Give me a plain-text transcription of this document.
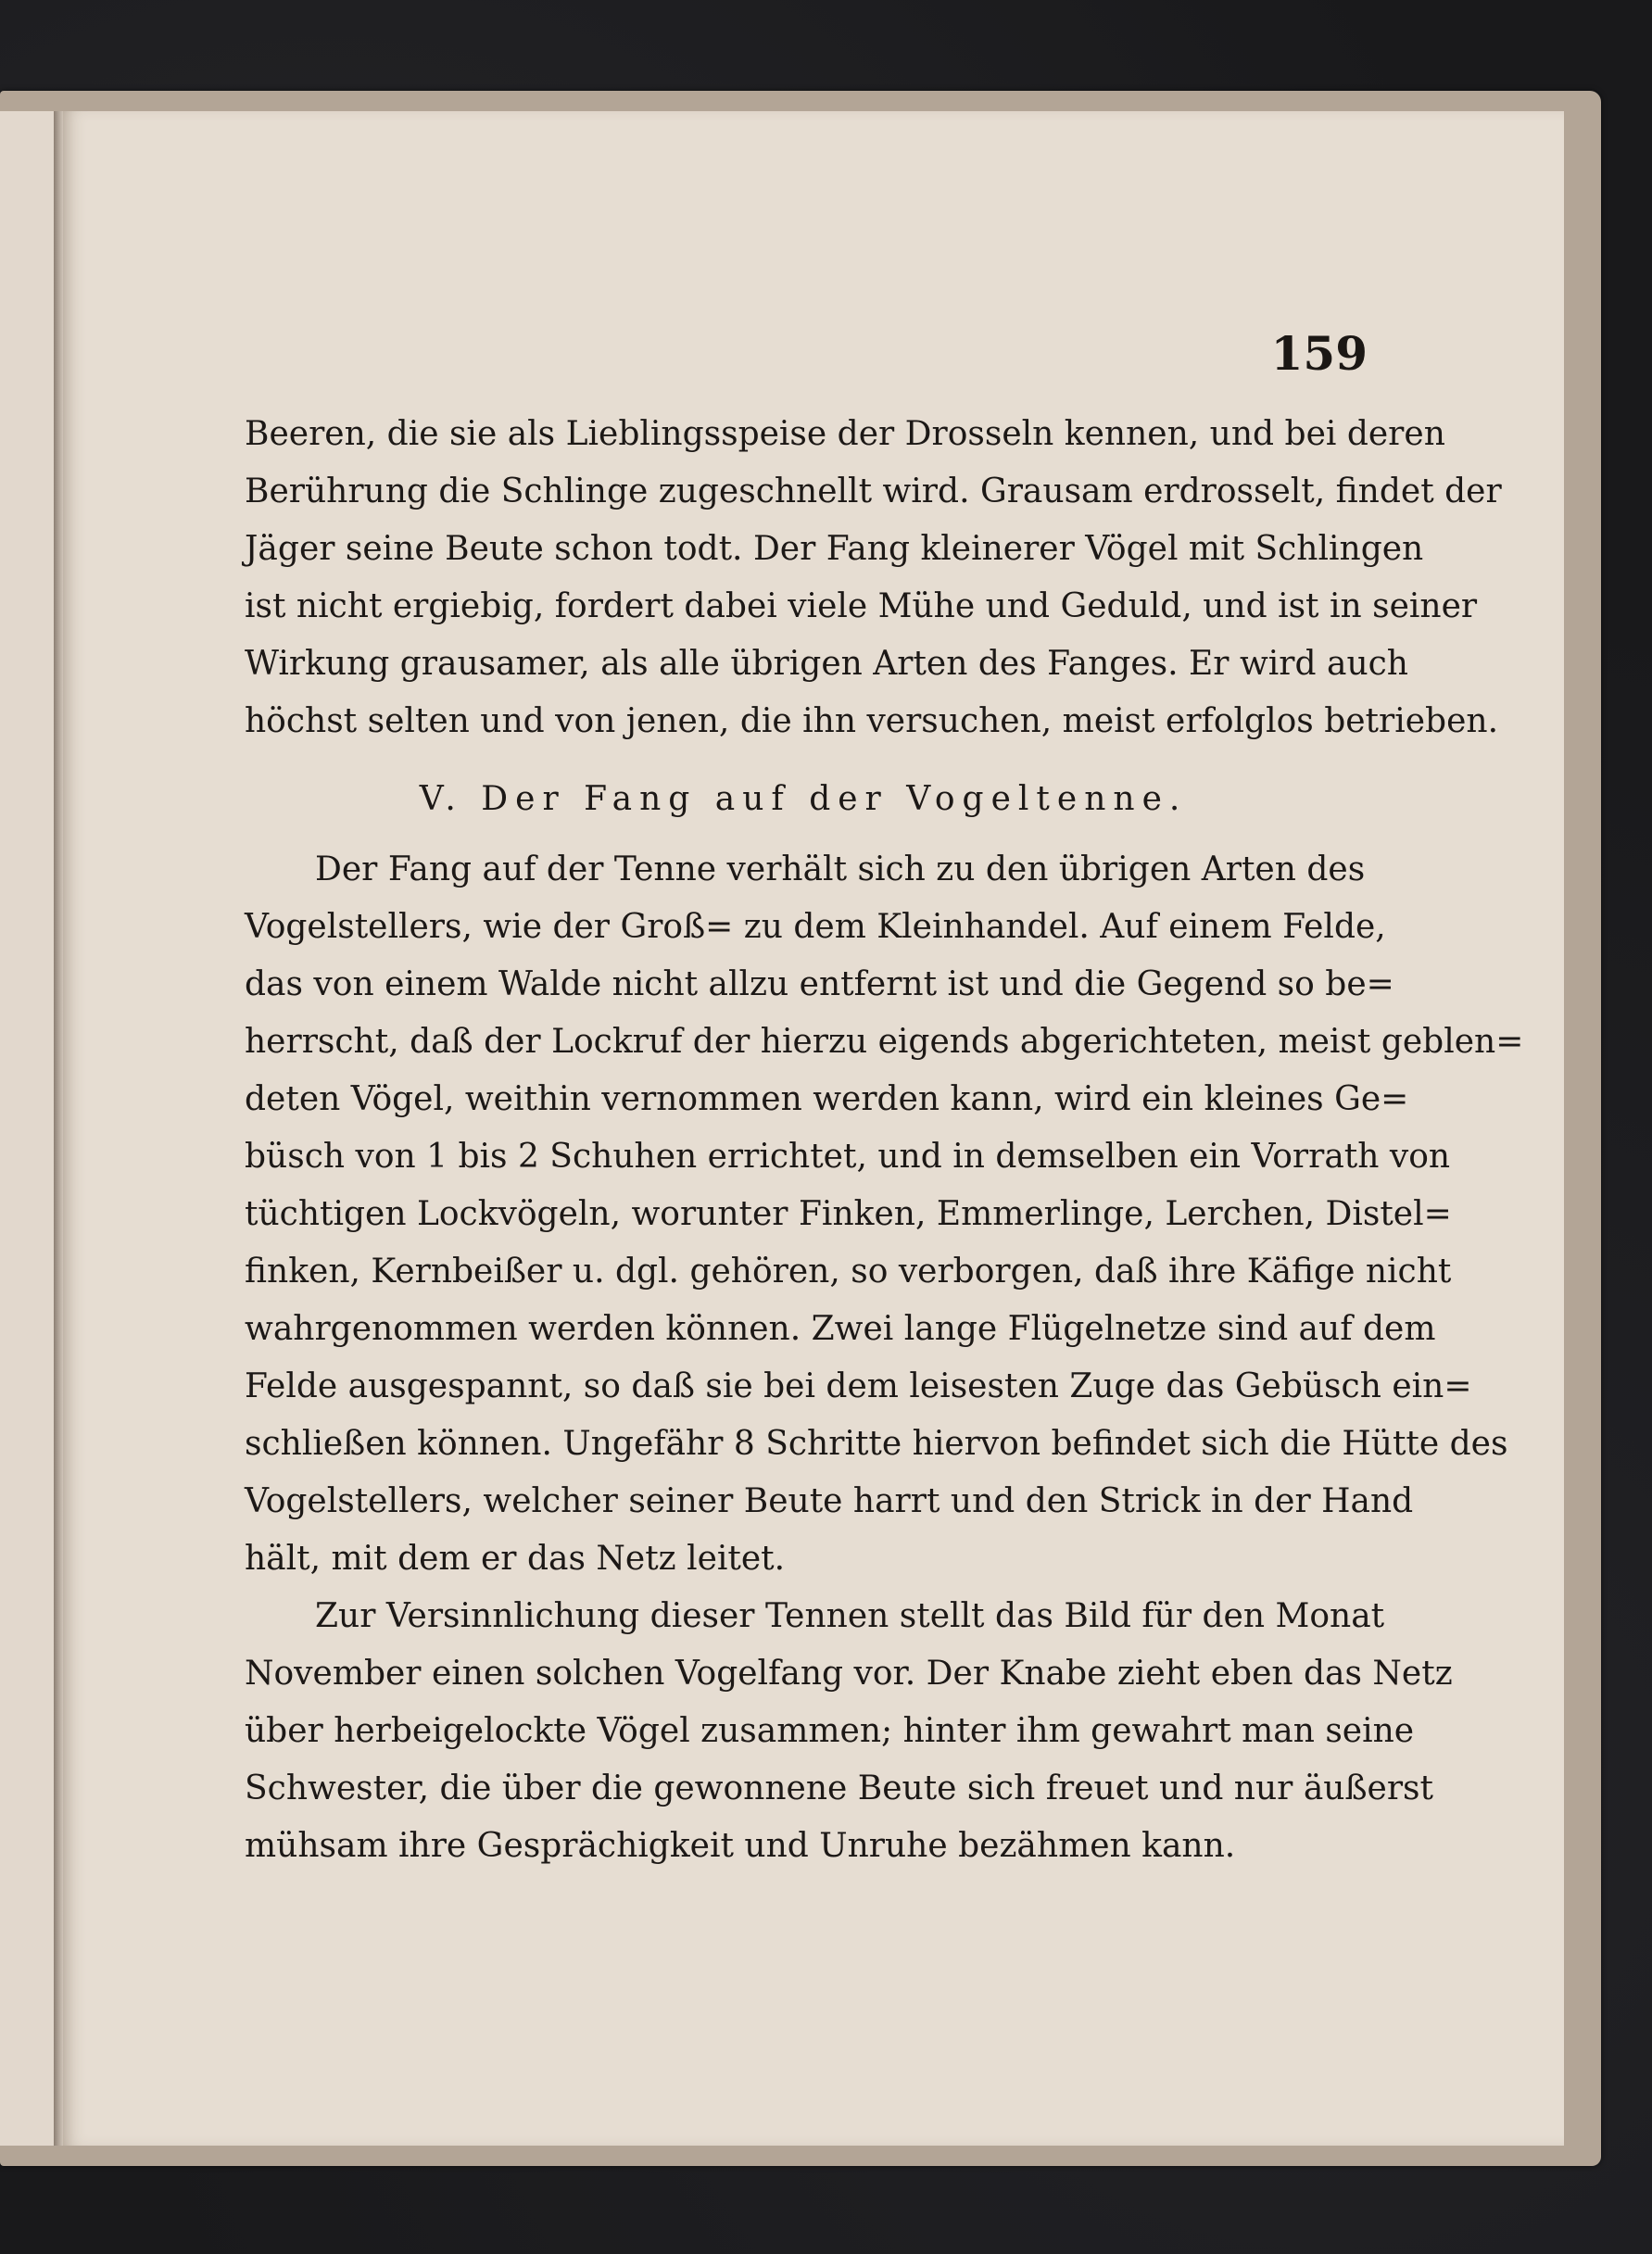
159

Beeren, die sie als Lieblingsspeise der Drosseln kennen, und bei deren
Berührung die Schlinge zugeschnellt wird. Grausam erdrosselt, findet der
Jäger seine Beute schon todt. Der Fang kleinerer Vögel mit Schlingen
ist nicht ergiebig, fordert dabei viele Mühe und Geduld, und ist in seiner
Wirkung grausamer, als alle übrigen Arten des Fanges. Er wird auch
höchst selten und von jenen, die ihn versuchen, meist erfolglos betrieben.
V. Der Fang auf der Vogeltenne.
Der Fang auf der Tenne verhält sich zu den übrigen Arten des
Vogelstellers, wie der Groß= zu dem Kleinhandel. Auf einem Felde,
das von einem Walde nicht allzu entfernt ist und die Gegend so be=
herrscht, daß der Lockruf der hierzu eigends abgerichteten, meist geblen=
deten Vögel, weithin vernommen werden kann, wird ein kleines Ge=
büsch von 1 bis 2 Schuhen errichtet, und in demselben ein Vorrath von
tüchtigen Lockvögeln, worunter Finken, Emmerlinge, Lerchen, Distel=
finken, Kernbeißer u. dgl. gehören, so verborgen, daß ihre Käfige nicht
wahrgenommen werden können. Zwei lange Flügelnetze sind auf dem
Felde ausgespannt, so daß sie bei dem leisesten Zuge das Gebüsch ein=
schließen können. Ungefähr 8 Schritte hiervon befindet sich die Hütte des
Vogelstellers, welcher seiner Beute harrt und den Strick in der Hand
hält, mit dem er das Netz leitet.
Zur Versinnlichung dieser Tennen stellt das Bild für den Monat
November einen solchen Vogelfang vor. Der Knabe zieht eben das Netz
über herbeigelockte Vögel zusammen; hinter ihm gewahrt man seine
Schwester, die über die gewonnene Beute sich freuet und nur äußerst
mühsam ihre Gesprächigkeit und Unruhe bezähmen kann.
